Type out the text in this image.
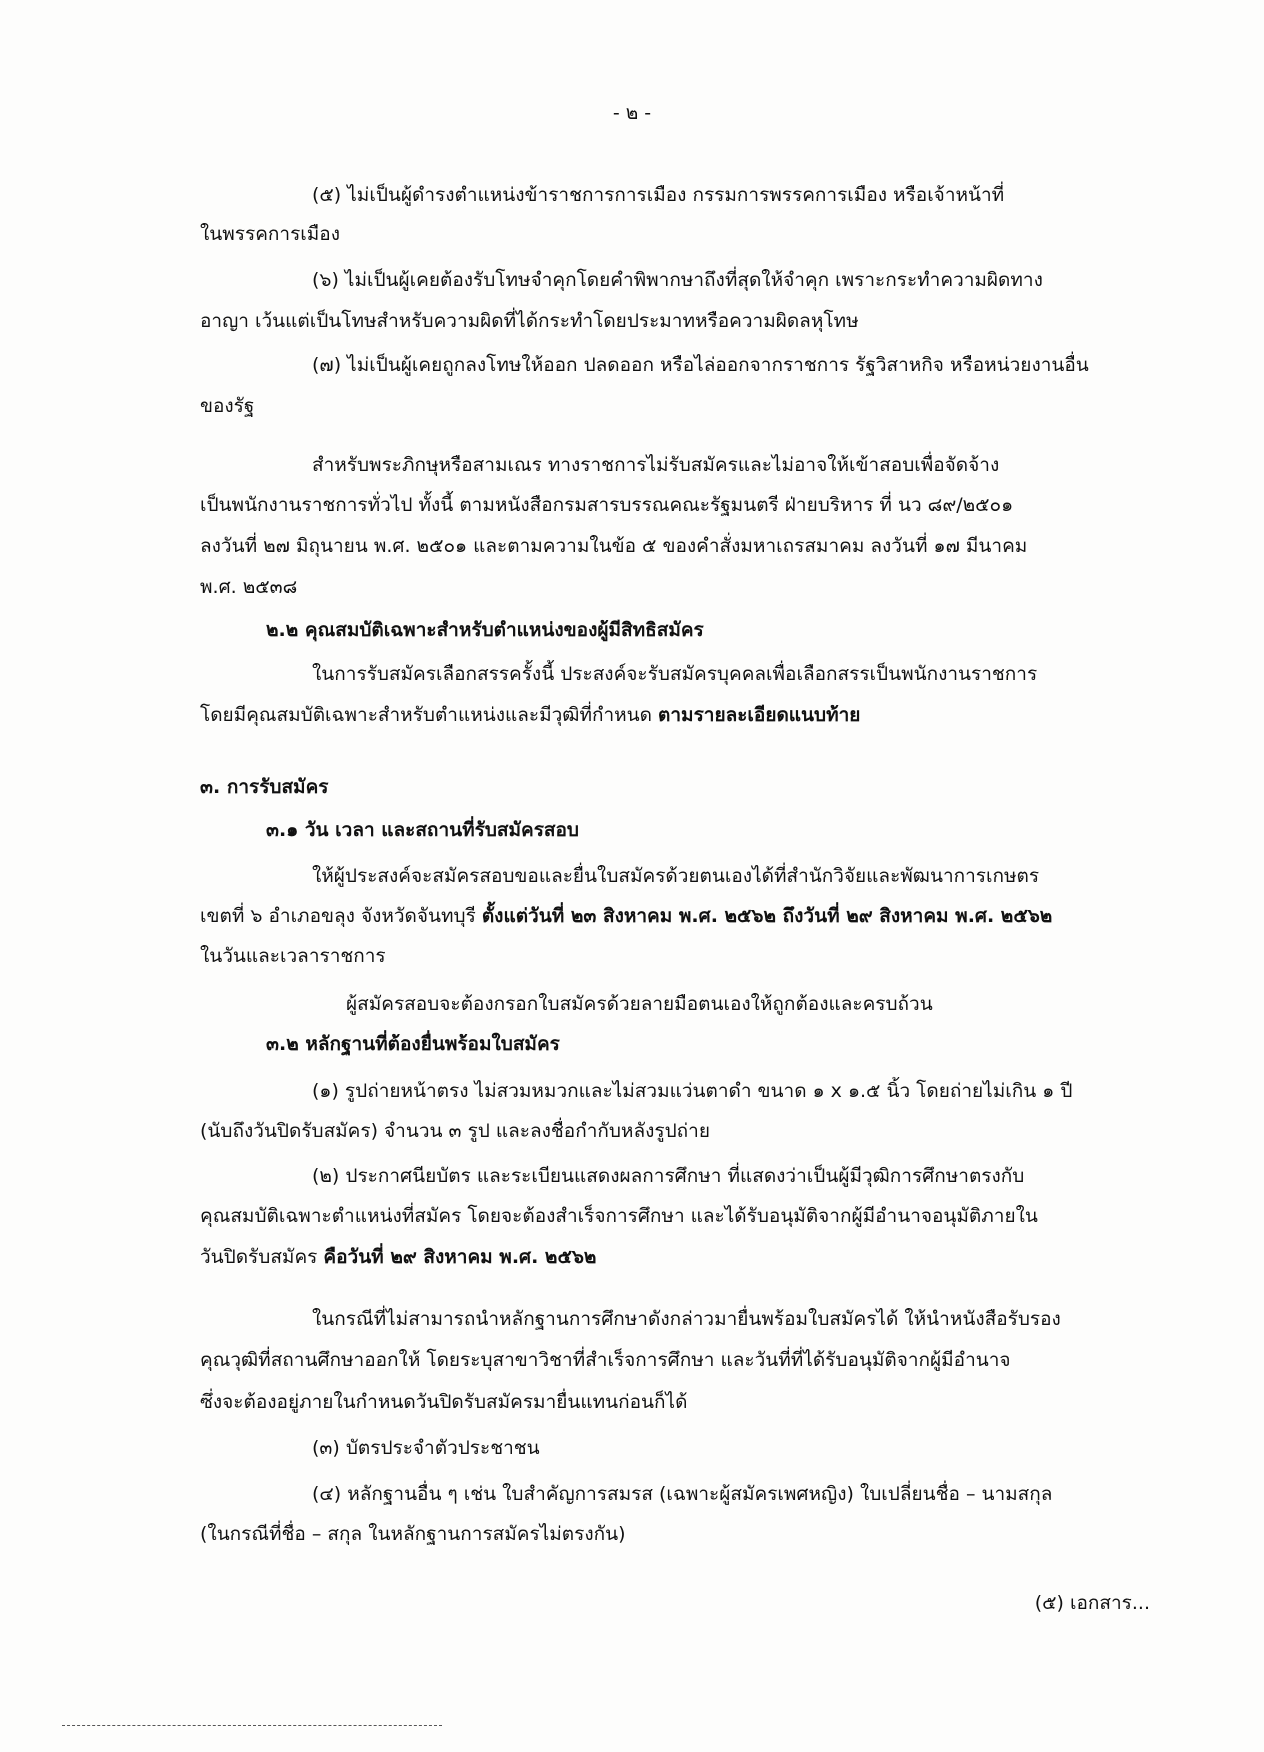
- ๒ -

(๕) ไม่เป็นผู้ดำรงตำแหน่งข้าราชการการเมือง กรรมการพรรคการเมือง หรือเจ้าหน้าที่

ในพรรคการเมือง

(๖) ไม่เป็นผู้เคยต้องรับโทษจำคุกโดยคำพิพากษาถึงที่สุดให้จำคุก เพราะกระทำความผิดทาง

อาญา เว้นแต่เป็นโทษสำหรับความผิดที่ได้กระทำโดยประมาทหรือความผิดลหุโทษ

(๗) ไม่เป็นผู้เคยถูกลงโทษให้ออก ปลดออก หรือไล่ออกจากราชการ รัฐวิสาหกิจ หรือหน่วยงานอื่น

ของรัฐ

สำหรับพระภิกษุหรือสามเณร ทางราชการไม่รับสมัครและไม่อาจให้เข้าสอบเพื่อจัดจ้าง

เป็นพนักงานราชการทั่วไป ทั้งนี้ ตามหนังสือกรมสารบรรณคณะรัฐมนตรี ฝ่ายบริหาร ที่ นว ๘๙/๒๕๐๑

ลงวันที่ ๒๗ มิถุนายน พ.ศ. ๒๕๐๑ และตามความในข้อ ๕ ของคำสั่งมหาเถรสมาคม ลงวันที่ ๑๗ มีนาคม

พ.ศ. ๒๕๓๘

๒.๒ คุณสมบัติเฉพาะสำหรับตำแหน่งของผู้มีสิทธิสมัคร

ในการรับสมัครเลือกสรรครั้งนี้ ประสงค์จะรับสมัครบุคคลเพื่อเลือกสรรเป็นพนักงานราชการ

โดยมีคุณสมบัติเฉพาะสำหรับตำแหน่งและมีวุฒิที่กำหนด ตามรายละเอียดแนบท้าย

๓. การรับสมัคร

๓.๑ วัน เวลา และสถานที่รับสมัครสอบ

ให้ผู้ประสงค์จะสมัครสอบขอและยื่นใบสมัครด้วยตนเองได้ที่สำนักวิจัยและพัฒนาการเกษตร

เขตที่ ๖ อำเภอขลุง จังหวัดจันทบุรี ตั้งแต่วันที่ ๒๓ สิงหาคม พ.ศ. ๒๕๖๒ ถึงวันที่ ๒๙ สิงหาคม พ.ศ. ๒๕๖๒

ในวันและเวลาราชการ

ผู้สมัครสอบจะต้องกรอกใบสมัครด้วยลายมือตนเองให้ถูกต้องและครบถ้วน

๓.๒ หลักฐานที่ต้องยื่นพร้อมใบสมัคร

(๑) รูปถ่ายหน้าตรง ไม่สวมหมวกและไม่สวมแว่นตาดำ ขนาด ๑ x ๑.๕ นิ้ว โดยถ่ายไม่เกิน ๑ ปี

(นับถึงวันปิดรับสมัคร) จำนวน ๓ รูป และลงชื่อกำกับหลังรูปถ่าย

(๒) ประกาศนียบัตร และระเบียนแสดงผลการศึกษา ที่แสดงว่าเป็นผู้มีวุฒิการศึกษาตรงกับ

คุณสมบัติเฉพาะตำแหน่งที่สมัคร โดยจะต้องสำเร็จการศึกษา และได้รับอนุมัติจากผู้มีอำนาจอนุมัติภายใน

วันปิดรับสมัคร คือวันที่ ๒๙ สิงหาคม พ.ศ. ๒๕๖๒

ในกรณีที่ไม่สามารถนำหลักฐานการศึกษาดังกล่าวมายื่นพร้อมใบสมัครได้ ให้นำหนังสือรับรอง

คุณวุฒิที่สถานศึกษาออกให้ โดยระบุสาขาวิชาที่สำเร็จการศึกษา และวันที่ที่ได้รับอนุมัติจากผู้มีอำนาจ

ซึ่งจะต้องอยู่ภายในกำหนดวันปิดรับสมัครมายื่นแทนก่อนก็ได้

(๓) บัตรประจำตัวประชาชน

(๔) หลักฐานอื่น ๆ เช่น ใบสำคัญการสมรส (เฉพาะผู้สมัครเพศหญิง) ใบเปลี่ยนชื่อ – นามสกุล

(ในกรณีที่ชื่อ – สกุล ในหลักฐานการสมัครไม่ตรงกัน)

(๕) เอกสาร...
